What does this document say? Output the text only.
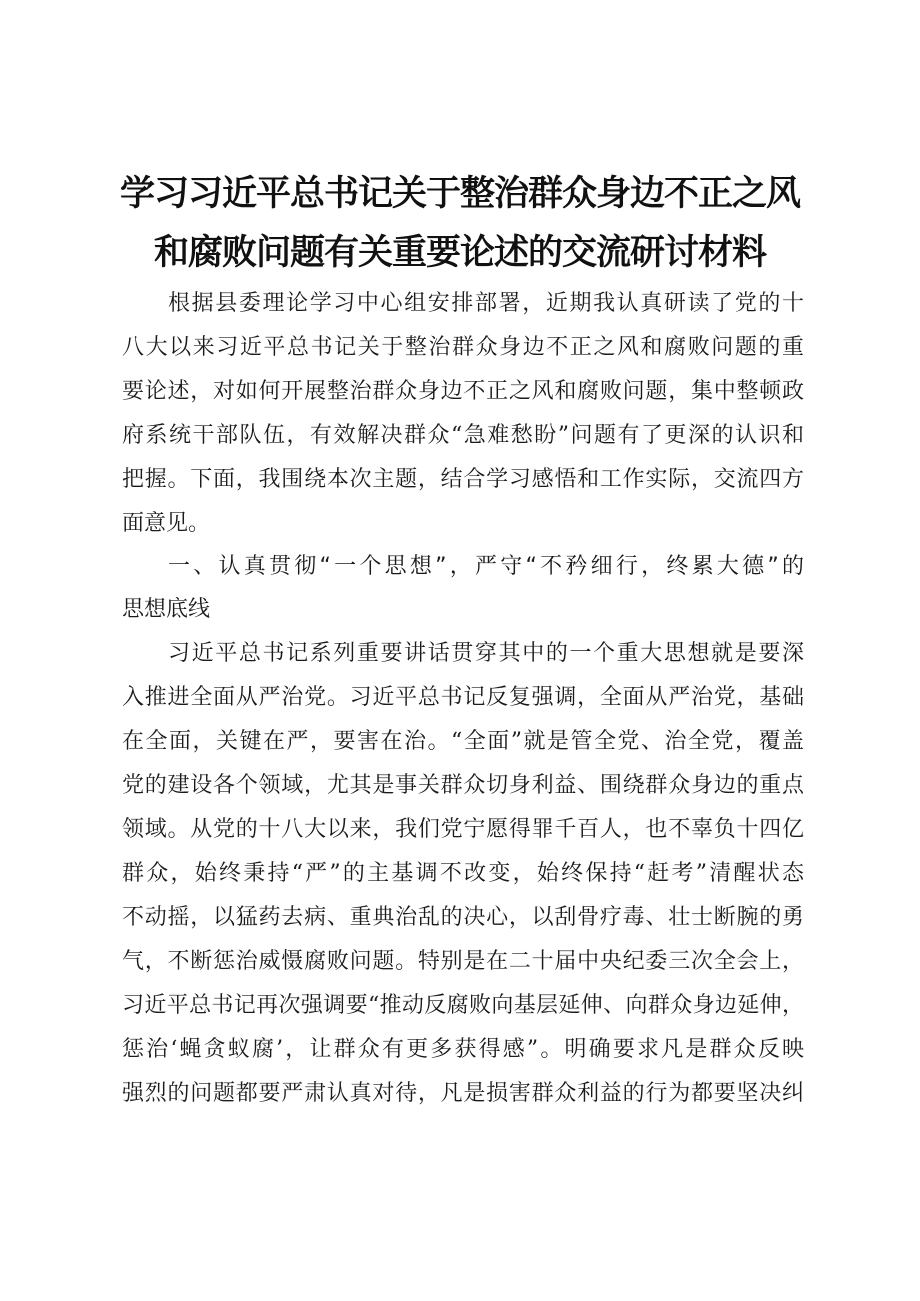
学习习近平总书记关于整治群众身边不正之风
和腐败问题有关重要论述的交流研讨材料
根据县委理论学习中心组安排部署，近期我认真研读了党的十
八大以来习近平总书记关于整治群众身边不正之风和腐败问题的重
要论述，对如何开展整治群众身边不正之风和腐败问题，集中整顿政
府系统干部队伍，有效解决群众“急难愁盼”问题有了更深的认识和
把握。下面，我围绕本次主题，结合学习感悟和工作实际，交流四方
面意见。
一、认真贯彻“一个思想”，严守“不矜细行，终累大德”的
思想底线
习近平总书记系列重要讲话贯穿其中的一个重大思想就是要深
入推进全面从严治党。习近平总书记反复强调，全面从严治党，基础
在全面，关键在严，要害在治。“全面”就是管全党、治全党，覆盖
党的建设各个领域，尤其是事关群众切身利益、围绕群众身边的重点
领域。从党的十八大以来，我们党宁愿得罪千百人，也不辜负十四亿
群众，始终秉持“严”的主基调不改变，始终保持“赶考”清醒状态
不动摇，以猛药去病、重典治乱的决心，以刮骨疗毒、壮士断腕的勇
气，不断惩治威慑腐败问题。特别是在二十届中央纪委三次全会上，
习近平总书记再次强调要“推动反腐败向基层延伸、向群众身边延伸，
惩治‘蝇贪蚁腐’，让群众有更多获得感”。明确要求凡是群众反映
强烈的问题都要严肃认真对待，凡是损害群众利益的行为都要坚决纠
